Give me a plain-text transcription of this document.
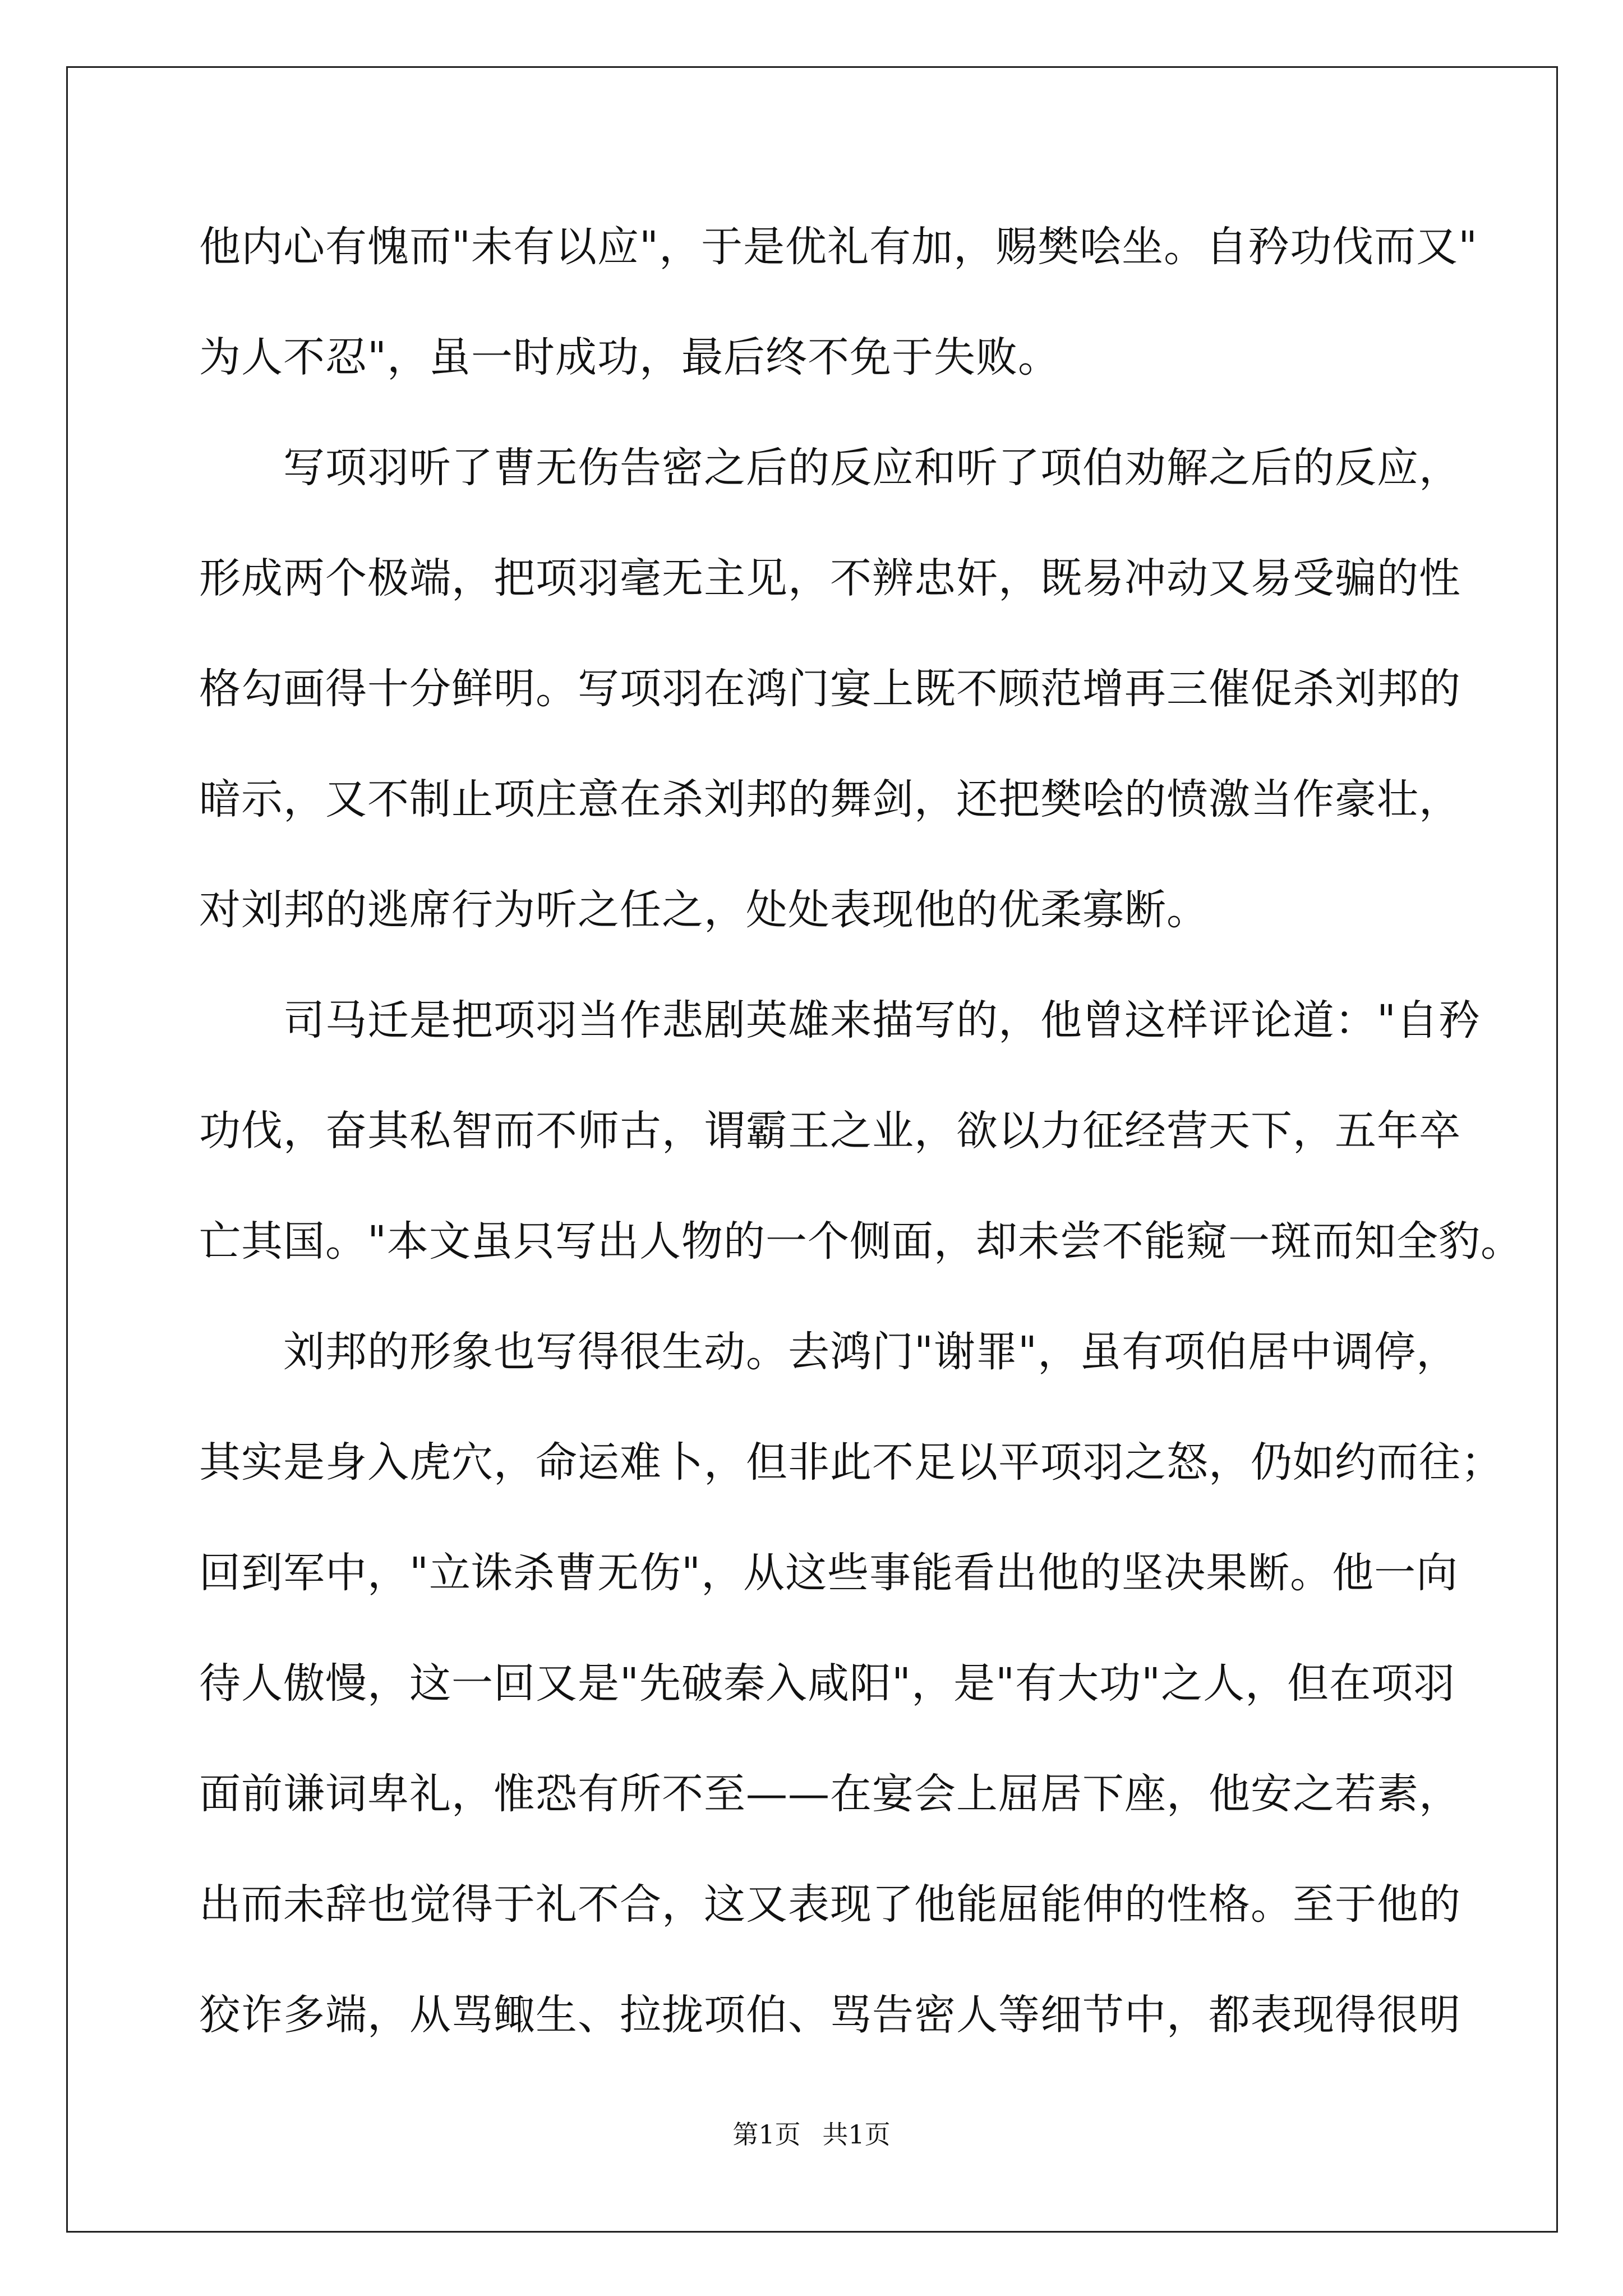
他内心有愧而"未有以应"，于是优礼有加，赐樊哙坐。自矜功伐而又"
为人不忍"，虽一时成功，最后终不免于失败。
　　写项羽听了曹无伤告密之后的反应和听了项伯劝解之后的反应，
形成两个极端，把项羽毫无主见，不辨忠奸，既易冲动又易受骗的性
格勾画得十分鲜明。写项羽在鸿门宴上既不顾范增再三催促杀刘邦的
暗示，又不制止项庄意在杀刘邦的舞剑，还把樊哙的愤激当作豪壮，
对刘邦的逃席行为听之任之，处处表现他的优柔寡断。
　　司马迁是把项羽当作悲剧英雄来描写的，他曾这样评论道："自矜
功伐，奋其私智而不师古，谓霸王之业，欲以力征经营天下，五年卒
亡其国。"本文虽只写出人物的一个侧面，却未尝不能窥一斑而知全豹。
　　刘邦的形象也写得很生动。去鸿门"谢罪"，虽有项伯居中调停，
其实是身入虎穴，命运难卜，但非此不足以平项羽之怒，仍如约而往；
回到军中，"立诛杀曹无伤"，从这些事能看出他的坚决果断。他一向
待人傲慢，这一回又是"先破秦入咸阳"，是"有大功"之人，但在项羽
面前谦词卑礼，惟恐有所不至——在宴会上屈居下座，他安之若素，
出而未辞也觉得于礼不合，这又表现了他能屈能伸的性格。至于他的
狡诈多端，从骂鲰生、拉拢项伯、骂告密人等细节中，都表现得很明
第1页 共1页
